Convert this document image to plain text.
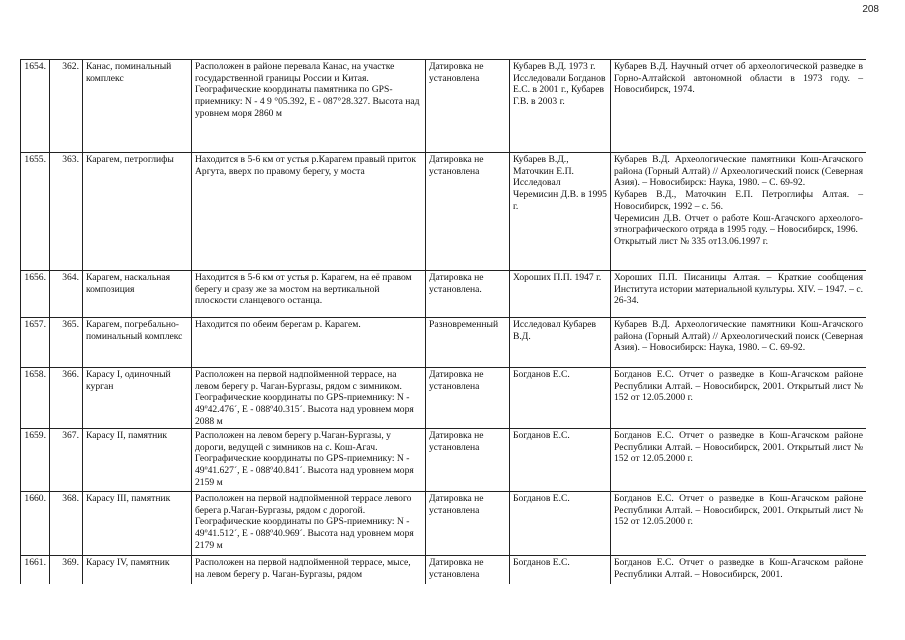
208
1654.	362.	Канас, поминальный комплекс	Расположен в районе перевала Канас, на участке государственной границы России и Китая. Географические координаты памятника по GPS-приемнику: N - 4 9 °05.392, E - 087°28.327. Высота над уровнем моря 2860 м	Датировка не установлена	Кубарев В.Д. 1973 г. Исследовали Богданов Е.С. в 2001 г., Кубарев Г.В. в 2003 г.	Кубарев В.Д. Научный отчет об археологической разведке в Горно-Алтайской автономной области в 1973 году. – Новосибирск, 1974.

1655.	363.	Карагем, петроглифы	Находится в 5-6 км от устья р.Карагем правый приток Аргута, вверх по правому берегу, у моста	Датировка не установлена	Кубарев В.Д., Маточкин Е.П. Исследовал Черемисин Д.В. в 1995 г.	Кубарев В.Д. Археологические памятники Кош-Агачского района (Горный Алтай) // Археологический поиск (Северная Азия). – Новосибирск: Наука, 1980. – С. 69-92.
Кубарев В.Д., Маточкин Е.П. Петроглифы Алтая. – Новосибирск, 1992 – с. 56.
Черемисин Д.В. Отчет о работе Кош-Агачского археолого-этнографического отряда в 1995 году. – Новосибирск, 1996.
Открытый лист № 335 от13.06.1997 г.

1656.	364.	Карагем, наскальная композиция	Находится в 5-6 км от устья р. Карагем, на её правом берегу и сразу же за мостом на вертикальной плоскости сланцевого останца.	Датировка не установлена.	Хороших П.П. 1947 г.	Хороших П.П. Писаницы Алтая. – Краткие сообщения Института истории материальной культуры. XIV. – 1947. – с. 26-34.

1657.	365.	Карагем, погребально-поминальный комплекс	Находится по обеим берегам р. Карагем.	Разновременный	Исследовал Кубарев В.Д.	Кубарев В.Д. Археологические памятники Кош-Агачского района (Горный Алтай) // Археологический поиск (Северная Азия). – Новосибирск: Наука, 1980. – С. 69-92.

1658.	366.	Карасу I, одиночный курган	Расположен на первой надпойменной террасе, на левом берегу р. Чаган-Бургазы, рядом с зимником. Географические координаты по GPS-приемнику: N - 49º42.476´, E - 088º40.315´. Высота над уровнем моря 2088 м	Датировка не установлена	Богданов Е.С.	Богданов Е.С. Отчет о разведке в Кош-Агачском районе Республики Алтай. – Новосибирск, 2001. Открытый лист № 152 от 12.05.2000 г.

1659.	367.	Карасу II, памятник	Расположен на левом берегу р.Чаган-Бургазы, у дороги, ведущей с зимников на с. Кош-Агач. Географические координаты по GPS-приемнику: N - 49º41.627´, E - 088º40.841´. Высота над уровнем моря 2159 м	Датировка не установлена	Богданов Е.С.	Богданов Е.С. Отчет о разведке в Кош-Агачском районе Республики Алтай. – Новосибирск, 2001. Открытый лист № 152 от 12.05.2000 г.

1660.	368.	Карасу III, памятник	Расположен на первой надпойменной террасе левого берега р.Чаган-Бургазы, рядом с дорогой. Географические координаты по GPS-приемнику: N - 49º41.512´, E - 088º40.969´. Высота над уровнем моря 2179 м	Датировка не установлена	Богданов Е.С.	Богданов Е.С. Отчет о разведке в Кош-Агачском районе Республики Алтай. – Новосибирск, 2001. Открытый лист № 152 от 12.05.2000 г.

1661.	369.	Карасу IV, памятник	Расположен на первой надпойменной террасе, мысе, на левом берегу р. Чаган-Бургазы, рядом	Датировка не установлена	Богданов Е.С.	Богданов Е.С. Отчет о разведке в Кош-Агачском районе Республики Алтай. – Новосибирск, 2001.
